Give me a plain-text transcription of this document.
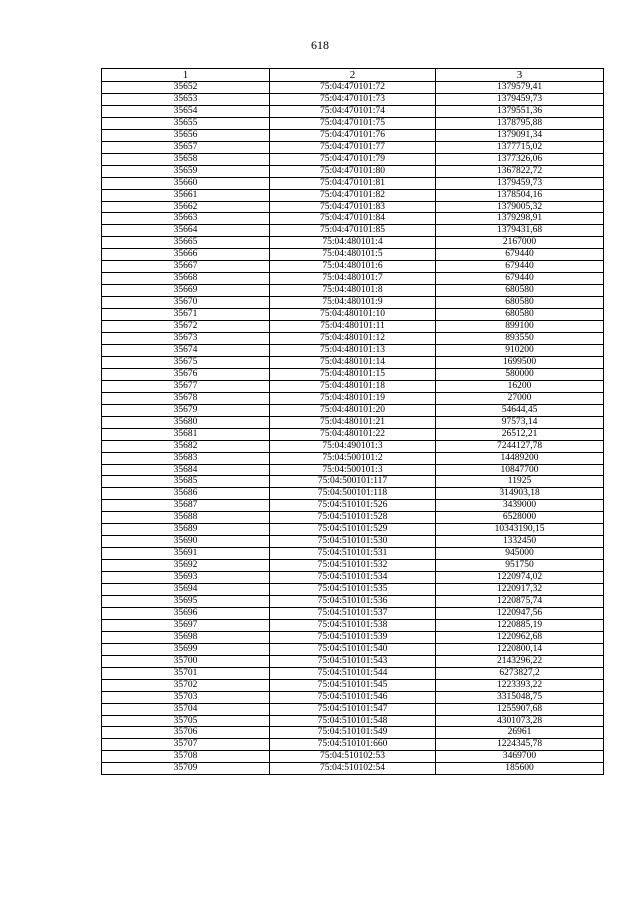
618
1	2	3
35652	75:04:470101:72	1379579,41
35653	75:04:470101:73	1379459,73
35654	75:04:470101:74	1379551,36
35655	75:04:470101:75	1378795,88
35656	75:04:470101:76	1379091,34
35657	75:04:470101:77	1377715,02
35658	75:04:470101:79	1377326,06
35659	75:04:470101:80	1367822,72
35660	75:04:470101:81	1379459,73
35661	75:04:470101:82	1378504,16
35662	75:04:470101:83	1379005,32
35663	75:04:470101:84	1379298,91
35664	75:04:470101:85	1379431,68
35665	75:04:480101:4	2167000
35666	75:04:480101:5	679440
35667	75:04:480101:6	679440
35668	75:04:480101:7	679440
35669	75:04:480101:8	680580
35670	75:04:480101:9	680580
35671	75:04:480101:10	680580
35672	75:04:480101:11	899100
35673	75:04:480101:12	893550
35674	75:04:480101:13	910200
35675	75:04:480101:14	1699500
35676	75:04:480101:15	580000
35677	75:04:480101:18	16200
35678	75:04:480101:19	27000
35679	75:04:480101:20	54644,45
35680	75:04:480101:21	97573,14
35681	75:04:480101:22	26512,21
35682	75:04:490101:3	7244127,78
35683	75:04:500101:2	14489200
35684	75:04:500101:3	10847700
35685	75:04:500101:117	11925
35686	75:04:500101:118	314903,18
35687	75:04:510101:526	3439000
35688	75:04:510101:528	6528000
35689	75:04:510101:529	10343190,15
35690	75:04:510101:530	1332450
35691	75:04:510101:531	945000
35692	75:04:510101:532	951750
35693	75:04:510101:534	1220974,02
35694	75:04:510101:535	1220917,32
35695	75:04:510101:536	1220875,74
35696	75:04:510101:537	1220947,56
35697	75:04:510101:538	1220885,19
35698	75:04:510101:539	1220962,68
35699	75:04:510101:540	1220800,14
35700	75:04:510101:543	2143296,22
35701	75:04:510101:544	6273827,2
35702	75:04:510101:545	1223393,22
35703	75:04:510101:546	3315048,75
35704	75:04:510101:547	1255907,68
35705	75:04:510101:548	4301073,28
35706	75:04:510101:549	26961
35707	75:04:510101:660	1224345,78
35708	75:04:510102:53	3469700
35709	75:04:510102:54	185600
